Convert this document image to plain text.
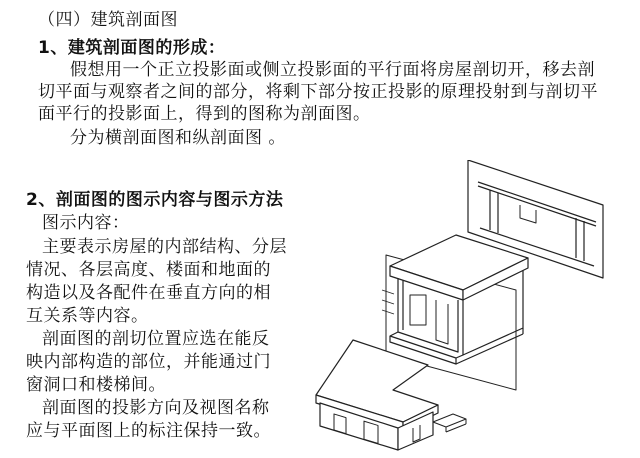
（四）建筑剖面图
1、建筑剖面图的形成：
假想用一个正立投影面或侧立投影面的平行面将房屋剖切开，移去剖
切平面与观察者之间的部分，将剩下部分按正投影的原理投射到与剖切平
面平行的投影面上，得到的图称为剖面图。
分为横剖面图和纵剖面图 。
2、剖面图的图示内容与图示方法
图示内容：
主要表示房屋的内部结构、分层
情况、各层高度、楼面和地面的
构造以及各配件在垂直方向的相
互关系等内容。
剖面图的剖切位置应选在能反
映内部构造的部位，并能通过门
窗洞口和楼梯间。
剖面图的投影方向及视图名称
应与平面图上的标注保持一致。
